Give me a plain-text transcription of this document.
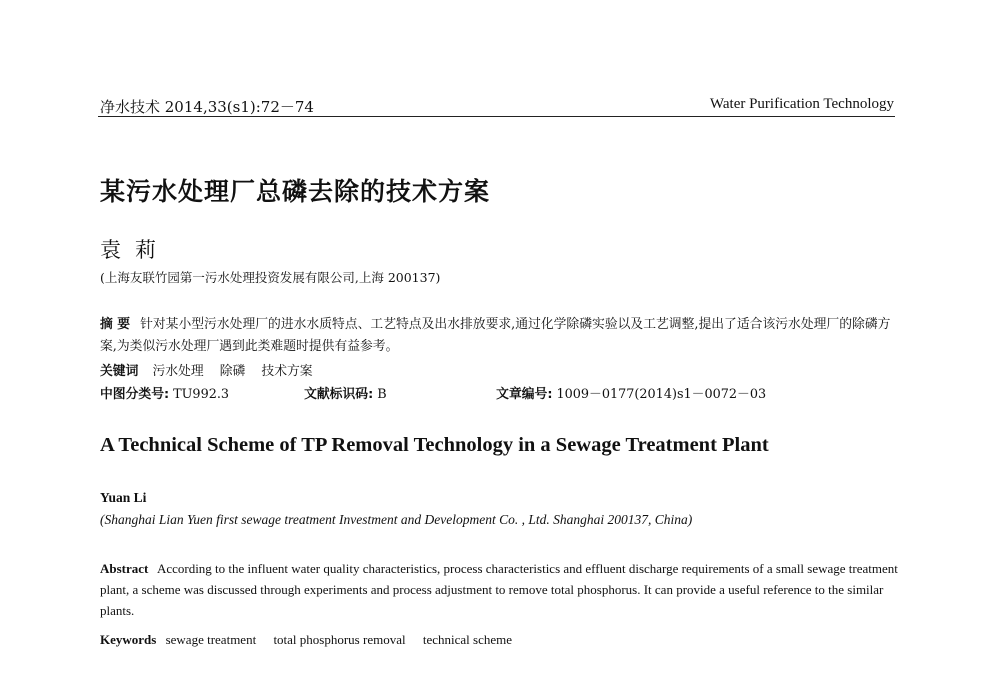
净水技术 2014,33(s1):72－74	Water Purification Technology
某污水处理厂总磷去除的技术方案
袁莉
(上海友联竹园第一污水处理投资发展有限公司,上海 200137)
摘 要 针对某小型污水处理厂的进水水质特点、工艺特点及出水排放要求,通过化学除磷实验以及工艺调整,提出了适合该污水处理厂的除磷方案,为类似污水处理厂遇到此类难题时提供有益参考。
关键词 污水处理 除磷 技术方案
中图分类号: TU992.3	文献标识码: B	文章编号: 1009－0177(2014)s1－0072－03
A Technical Scheme of TP Removal Technology in a Sewage Treatment Plant
Yuan Li
(Shanghai Lian Yuen first sewage treatment Investment and Development Co. , Ltd. Shanghai 200137, China)
Abstract According to the influent water quality characteristics, process characteristics and effluent discharge requirements of a small sewage treatment plant, a scheme was discussed through experiments and process adjustment to remove total phosphorus. It can provide a useful reference to the similar plants.
Keywords sewage treatment total phosphorus removal technical scheme
